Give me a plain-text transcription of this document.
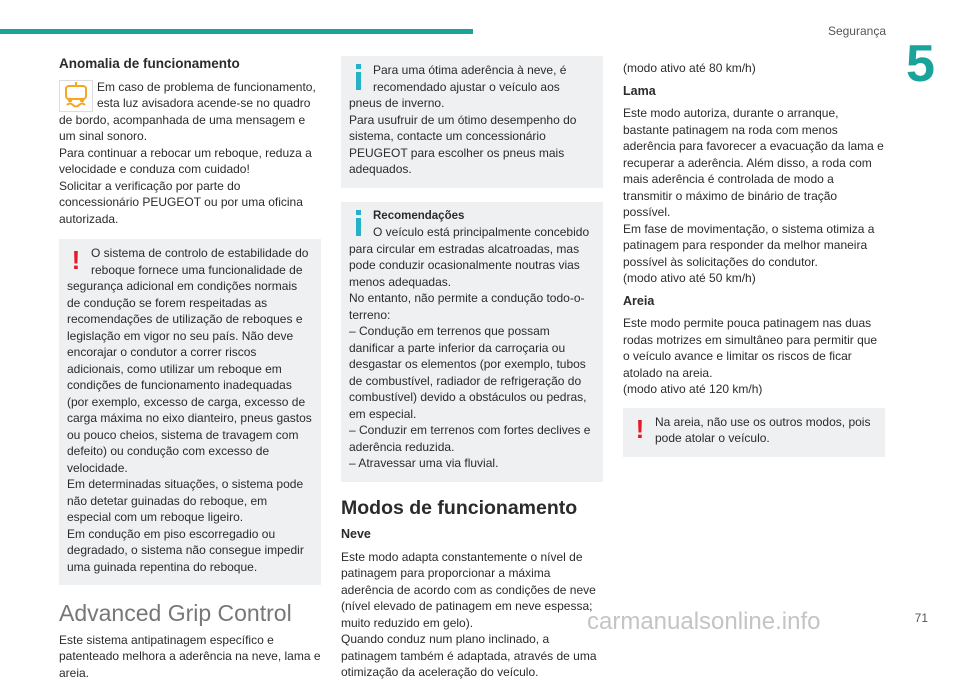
Segurança
5
Anomalia de funcionamento

Em caso de problema de funcionamento, esta luz avisadora acende-se no quadro de bordo, acompanhada de uma mensagem e um sinal sonoro.

Para continuar a rebocar um reboque, reduza a velocidade e conduza com cuidado!

Solicitar a verificação por parte do concessionário PEUGEOT ou por uma oficina autorizada.

! O sistema de controlo de estabilidade do reboque fornece uma funcionalidade de segurança adicional em condições normais de condução se forem respeitadas as recomendações de utilização de reboques e legislação em vigor no seu país. Não deve encorajar o condutor a correr riscos adicionais, como utilizar um reboque em condições de funcionamento inadequadas (por exemplo, excesso de carga, excesso de carga máxima no eixo dianteiro, pneus gastos ou pouco cheios, sistema de travagem com defeito) ou condução com excesso de velocidade.

Em determinadas situações, o sistema pode não detetar guinadas do reboque, em especial com um reboque ligeiro.

Em condução em piso escorregadio ou degradado, o sistema não consegue impedir uma guinada repentina do reboque.

Advanced Grip Control

Este sistema antipatinagem específico e patenteado melhora a aderência na neve, lama e areia.

Para uma ótima aderência à neve, é recomendado ajustar o veículo aos pneus de inverno.

Para usufruir de um ótimo desempenho do sistema, contacte um concessionário PEUGEOT para escolher os pneus mais adequados.

Recomendações

O veículo está principalmente concebido para circular em estradas alcatroadas, mas pode conduzir ocasionalmente noutras vias menos adequadas.

No entanto, não permite a condução todo-o-terreno:

– Condução em terrenos que possam danificar a parte inferior da carroçaria ou desgastar os elementos (por exemplo, tubos de combustível, radiador de refrigeração do combustível) devido a obstáculos ou pedras, em especial.

– Conduzir em terrenos com fortes declives e aderência reduzida.

– Atravessar uma via fluvial.

Modos de funcionamento
Neve

Este modo adapta constantemente o nível de patinagem para proporcionar a máxima aderência de acordo com as condições de neve (nível elevado de patinagem em neve espessa; muito reduzido em gelo).

Quando conduz num plano inclinado, a patinagem também é adaptada, através de uma otimização da aceleração do veículo.

(modo ativo até 80 km/h)

Lama

Este modo autoriza, durante o arranque, bastante patinagem na roda com menos aderência para favorecer a evacuação da lama e recuperar a aderência. Além disso, a roda com mais aderência é controlada de modo a transmitir o máximo de binário de tração possível.

Em fase de movimentação, o sistema otimiza a patinagem para responder da melhor maneira possível às solicitações do condutor.

(modo ativo até 50 km/h)

Areia

Este modo permite pouca patinagem nas duas rodas motrizes em simultâneo para permitir que o veículo avance e limitar os riscos de ficar atolado na areia.

(modo ativo até 120 km/h)

! Na areia, não use os outros modos, pois pode atolar o veículo.

71
carmanualsonline.info
